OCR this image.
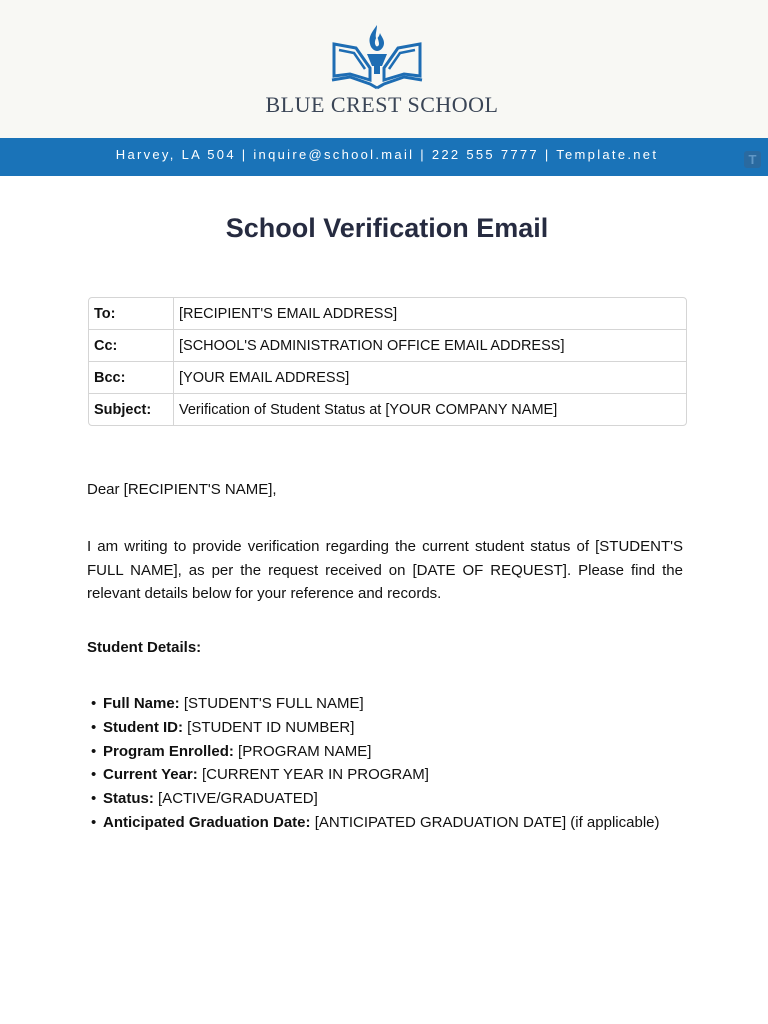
BLUE CREST SCHOOL
Harvey, LA 504 | inquire@school.mail | 222 555 7777 | Template.net	T
School Verification Email
To:	[RECIPIENT'S EMAIL ADDRESS]
Cc:	[SCHOOL'S ADMINISTRATION OFFICE EMAIL ADDRESS]
Bcc:	[YOUR EMAIL ADDRESS]
Subject:	Verification of Student Status at [YOUR COMPANY NAME]
Dear [RECIPIENT'S NAME],
I am writing to provide verification regarding the current student status of [STUDENT'S FULL NAME], as per the request received on [DATE OF REQUEST]. Please find the relevant details below for your reference and records.
Student Details:
• Full Name: [STUDENT'S FULL NAME]
• Student ID: [STUDENT ID NUMBER]
• Program Enrolled: [PROGRAM NAME]
• Current Year: [CURRENT YEAR IN PROGRAM]
• Status: [ACTIVE/GRADUATED]
• Anticipated Graduation Date: [ANTICIPATED GRADUATION DATE] (if applicable)
